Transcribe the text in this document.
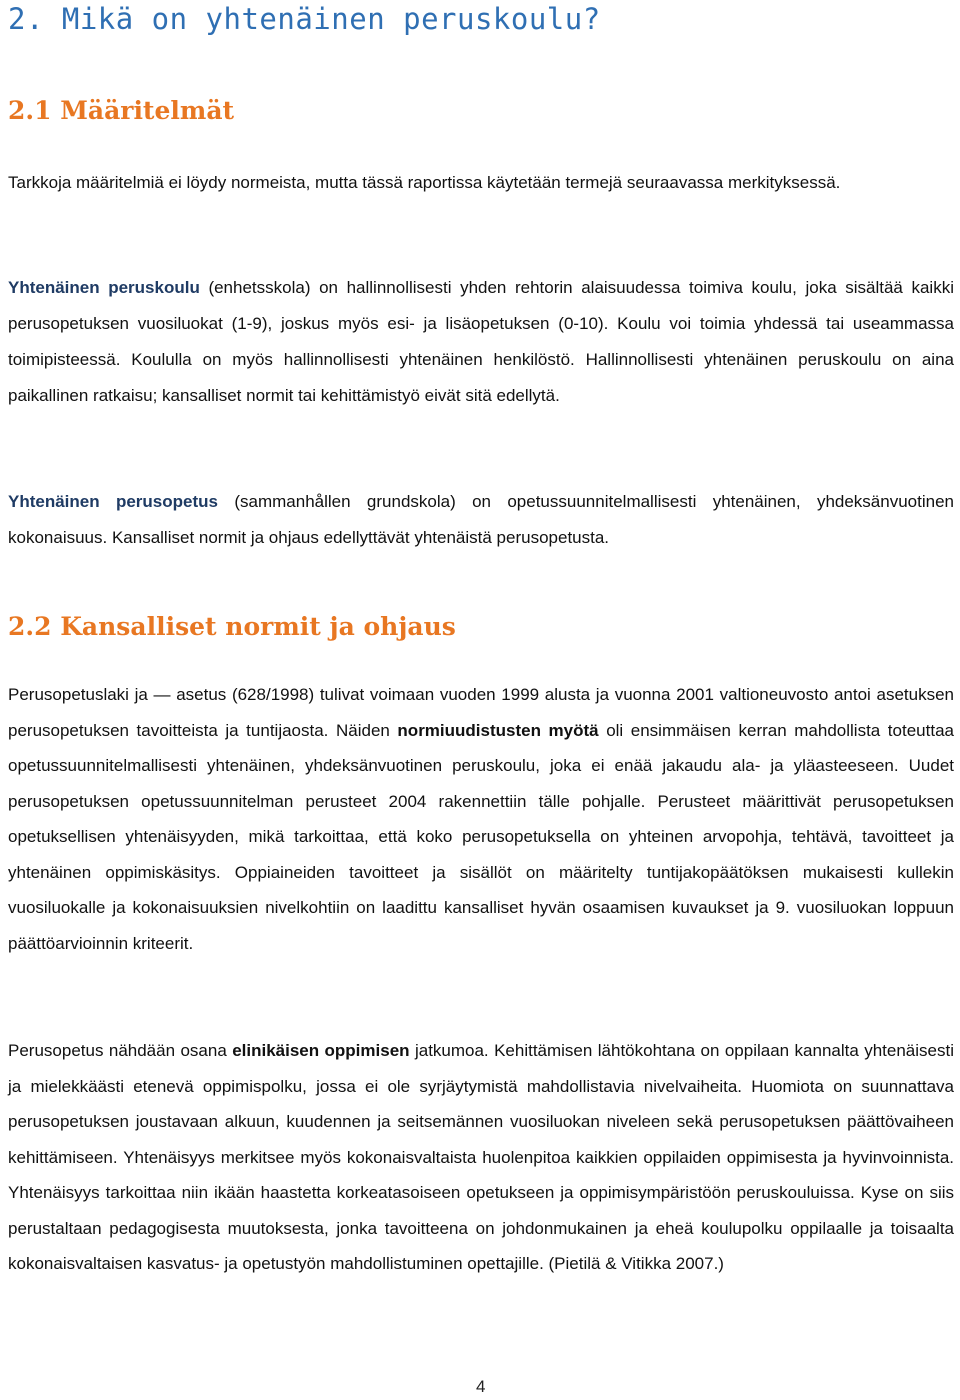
2. Mikä on yhtenäinen peruskoulu?
2.1 Määritelmät

Tarkkoja määritelmiä ei löydy normeista, mutta tässä raportissa käytetään termejä seuraavassa merkityksessä.

Yhtenäinen peruskoulu (enhetsskola) on hallinnollisesti yhden rehtorin alaisuudessa toimiva koulu, joka sisältää kaikki perusopetuksen vuosiluokat (1-9), joskus myös esi- ja lisäopetuksen (0-10). Koulu voi toimia yhdessä tai useammassa toimipisteessä. Koululla on myös hallinnollisesti yhtenäinen henkilöstö. Hallinnollisesti yhtenäinen peruskoulu on aina paikallinen ratkaisu; kansalliset normit tai kehittämistyö eivät sitä edellytä.

Yhtenäinen perusopetus (sammanhållen grundskola) on opetussuunnitelmallisesti yhtenäinen, yhdeksänvuotinen kokonaisuus. Kansalliset normit ja ohjaus edellyttävät yhtenäistä perusopetusta.

2.2 Kansalliset normit ja ohjaus

Perusopetuslaki ja — asetus (628/1998) tulivat voimaan vuoden 1999 alusta ja vuonna 2001 valtioneuvosto antoi asetuksen perusopetuksen tavoitteista ja tuntijaosta. Näiden normiuudistusten myötä oli ensimmäisen kerran mahdollista toteuttaa opetussuunnitelmallisesti yhtenäinen, yhdeksänvuotinen peruskoulu, joka ei enää jakaudu ala- ja yläasteeseen. Uudet perusopetuksen opetussuunnitelman perusteet 2004 rakennettiin tälle pohjalle. Perusteet määrittivät perusopetuksen opetuksellisen yhtenäisyyden, mikä tarkoittaa, että koko perusopetuksella on yhteinen arvopohja, tehtävä, tavoitteet ja yhtenäinen oppimiskäsitys. Oppiaineiden tavoitteet ja sisällöt on määritelty tuntijakopäätöksen mukaisesti kullekin vuosiluokalle ja kokonaisuuksien nivelkohtiin on laadittu kansalliset hyvän osaamisen kuvaukset ja 9. vuosiluokan loppuun päättöarvioinnin kriteerit.

Perusopetus nähdään osana elinikäisen oppimisen jatkumoa. Kehittämisen lähtökohtana on oppilaan kannalta yhtenäisesti ja mielekkäästi etenevä oppimispolku, jossa ei ole syrjäytymistä mahdollistavia nivelvaiheita. Huomiota on suunnattava perusopetuksen joustavaan alkuun, kuudennen ja seitsemännen vuosiluokan niveleen sekä perusopetuksen päättövaiheen kehittämiseen. Yhtenäisyys merkitsee myös kokonaisvaltaista huolenpitoa kaikkien oppilaiden oppimisesta ja hyvinvoinnista. Yhtenäisyys tarkoittaa niin ikään haastetta korkeatasoiseen opetukseen ja oppimisympäristöön peruskouluissa. Kyse on siis perustaltaan pedagogisesta muutoksesta, jonka tavoitteena on johdonmukainen ja eheä koulupolku oppilaalle ja toisaalta kokonaisvaltaisen kasvatus- ja opetustyön mahdollistuminen opettajille. (Pietilä & Vitikka 2007.)

4
